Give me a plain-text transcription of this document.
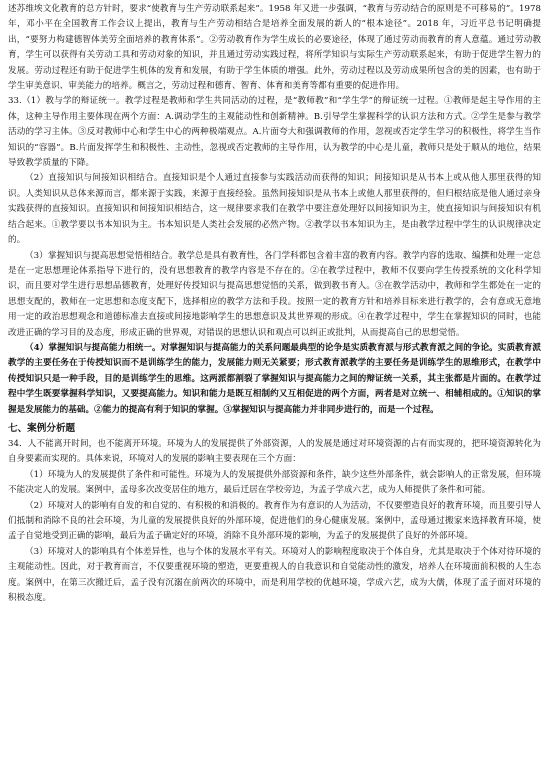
述苏维埃文化教育的总方针时，要求“使教育与生产劳动联系起来”。1958 年又进一步强调，“教育与劳动结合的原则是不可移易的”。1978 年，邓小平在全国教育工作会议上提出，教育与生产劳动相结合是培养全面发展的新人的“根本途径”。2018 年，习近平总书记明确提出，“要努力构建德智体美劳全面培养的教育体系”。②劳动教育作为学生成长的必要途径，体现了通过劳动而教育的育人意蕴。通过劳动教育，学生可以获得有关劳动工具和劳动对象的知识，并且通过劳动实践过程，将所学知识与实际生产劳动联系起来，有助于促进学生智力的发展。劳动过程还有助于促进学生机体的发育和发展，有助于学生体质的增强。此外，劳动过程以及劳动成果所包含的美的因素，也有助于学生审美意识、审美能力的培养。概言之，劳动过程和德育、智育、体育和美育等都有重要的促进作用。

33.（1）教与学的辩证统一。教学过程是教师和学生共同活动的过程，是“教师教”和“学生学”的辩证统一过程。①教师是起主导作用的主体，这种主导作用主要体现在两个方面：A.调动学生的主观能动性和创新精神。B.引导学生掌握科学的认识方法和方式。②学生是参与教学活动的学习主体。③反对教师中心和学生中心的两种极端观点。A.片面夸大和强调教师的作用，忽视或否定学生学习的积极性，将学生当作知识的“容器”。B.片面发挥学生和积极性、主动性，忽视或否定教师的主导作用，认为教学的中心是儿童，教师只是处于顺从的地位，结果导致教学质量的下降。

（2）直接知识与间接知识相结合。直接知识是个人通过直接参与实践活动而获得的知识；间接知识是从书本上或从他人那里获得的知识。人类知识从总体来源而言，都来源于实践，来源于直接经验。虽然间接知识是从书本上或他人那里获得的，但归根结底是他人通过亲身实践获得的直接知识。直接知识和间接知识相结合，这一规律要求我们在教学中要注意处理好以间接知识为主，使直接知识与间接知识有机结合起来。①教学要以书本知识为主。书本知识是人类社会发展的必然产物。②教学以书本知识为主，是由教学过程中学生的认识规律决定的。

（3）掌握知识与提高思想觉悟相结合。教学总是具有教育性，各门学科都包含着丰富的教育内容。教学内容的选取、编撰和处理一定总是在一定思想理论体系指导下进行的，没有思想教育的教学内容是不存在的。②在教学过程中，教师不仅要向学生传授系统的文化科学知识，而且要对学生进行思想品德教育，处理好传授知识与提高思想觉悟的关系，做到教书育人。③在教学活动中，教师和学生都处在一定的思想支配的，教师在一定思想和态度支配下，选择相应的教学方法和手段。按照一定的教育方针和培养目标来进行教学的，会有意或无意地用一定的政治思想观念和道德标准去直接或间接地影响学生的思想意识及其世界观的形成。④在教学过程中，学生在掌握知识的同时，也能改进正确的学习目的及态度，形成正确的世界观，对错误的思想认识和观点可以纠正或批判，从而提高自己的思想觉悟。

（4）掌握知识与提高能力相统一。对掌握知识与提高能力的关系问题最典型的论争是实质教育派与形式教育派之间的争论。实质教育派教学的主要任务在于传授知识而不是训练学生的能力，发展能力则无关紧要；形式教育派教学的主要任务是训练学生的思维形式，在教学中传授知识只是一种手段，目的是训练学生的思维。这两派都割裂了掌握知识与提高能力之间的辩证统一关系，其主张都是片面的。在教学过程中学生既要掌握科学知识，又要提高能力。知识和能力是既互相制约又互相促进的两个方面，两者是对立统一、相辅相成的。①知识的掌握是发展能力的基础。②能力的提高有利于知识的掌握。③掌握知识与提高能力并非同步进行的，而是一个过程。

七、案例分析题

34．人不能离开时间，也不能离开环境。环境为人的发展提供了外部资源，人的发展是通过对环境资源的占有而实现的，把环境资源转化为自身要素而实现的。具体来说，环境对人的发展的影响主要表现在三个方面：

（1）环境为人的发展提供了条件和可能性。环境为人的发展提供外部资源和条件，缺少这些外部条件，就会影响人的正常发展，但环境不能决定人的发展。案例中，孟母多次改变居住的地方，最后迁居在学校旁边，为孟子学成六艺，成为人师提供了条件和可能。

（2）环境对人的影响有自发的和自觉的、有积极的和消极的。教育作为有意识的人为活动，不仅要塑造良好的教育环境，而且要引导人们抵制和消除不良的社会环境，为儿童的发展提供良好的外部环境，促进他们的身心健康发展。案例中，孟母通过搬家来选择教育环境，使孟子自觉地受到正确的影响，最后为孟子确定好的环境，消除不良外部环境的影响，为孟子的发展提供了良好的外部环境。

（3）环境对人的影响具有个体差异性，也与个体的发展水平有关。环境对人的影响程度取决于个体自身，尤其是取决于个体对待环境的主观能动性。因此，对于教育而言，不仅要重视环境的塑造，更要重视人的自我意识和自觉能动性的激发，培养人在环境面前积极的人生态度。案例中，在第三次搬迁后，孟子没有沉溺在前两次的环境中，而是利用学校的优越环境，学成六艺，成为大儒，体现了孟子面对环境的积极态度。
